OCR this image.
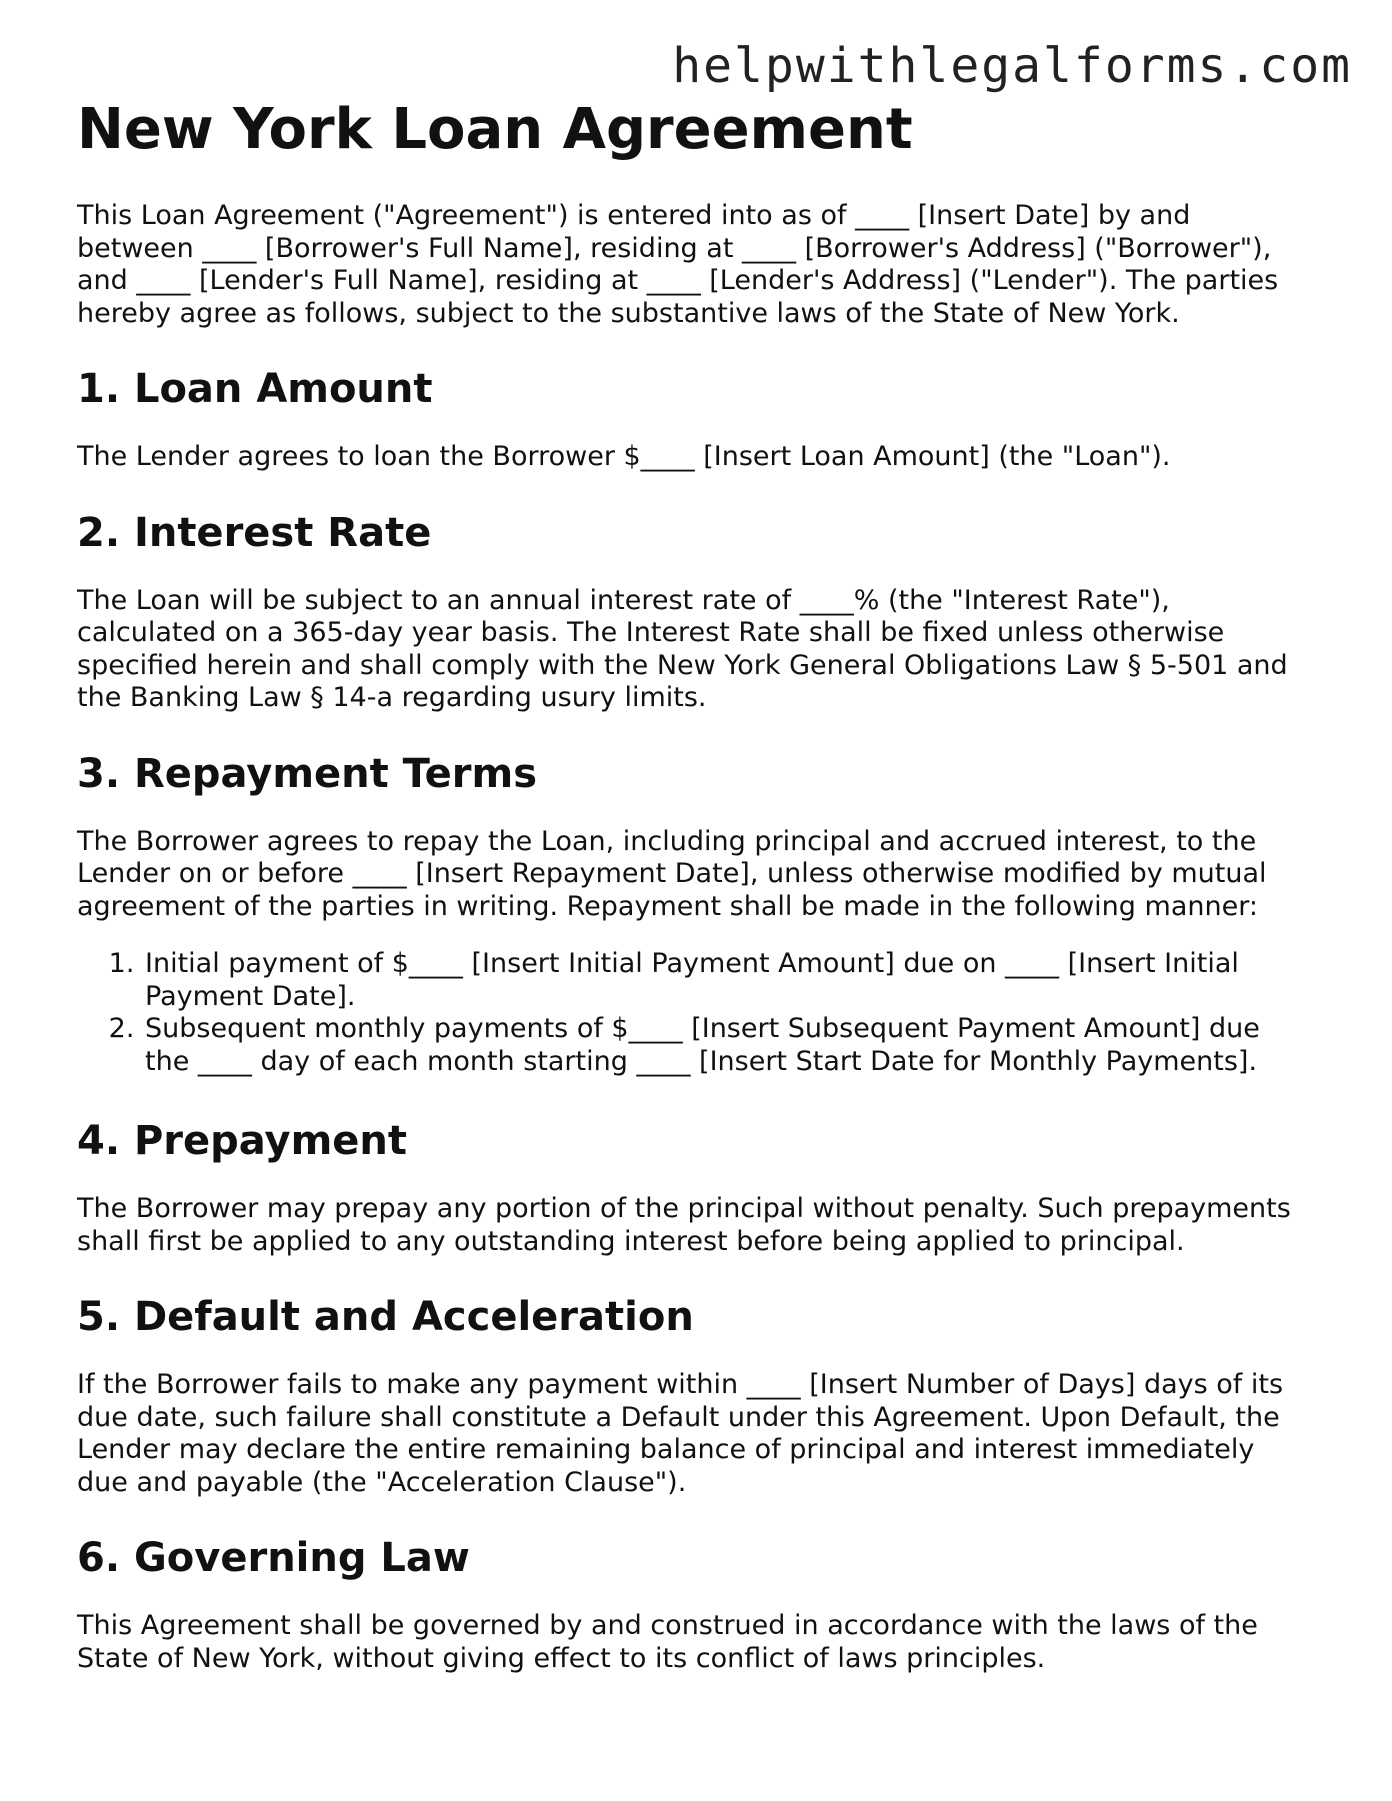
helpwithlegalforms.com
New York Loan Agreement

This Loan Agreement ("Agreement") is entered into as of ____ [Insert Date] by and between ____ [Borrower's Full Name], residing at ____ [Borrower's Address] ("Borrower"), and ____ [Lender's Full Name], residing at ____ [Lender's Address] ("Lender"). The parties hereby agree as follows, subject to the substantive laws of the State of New York.

1. Loan Amount

The Lender agrees to loan the Borrower $____ [Insert Loan Amount] (the "Loan").

2. Interest Rate

The Loan will be subject to an annual interest rate of ____% (the "Interest Rate"), calculated on a 365-day year basis. The Interest Rate shall be fixed unless otherwise specified herein and shall comply with the New York General Obligations Law § 5-501 and the Banking Law § 14-a regarding usury limits.

3. Repayment Terms

The Borrower agrees to repay the Loan, including principal and accrued interest, to the Lender on or before ____ [Insert Repayment Date], unless otherwise modified by mutual agreement of the parties in writing. Repayment shall be made in the following manner:

1. Initial payment of $____ [Insert Initial Payment Amount] due on ____ [Insert Initial Payment Date].
2. Subsequent monthly payments of $____ [Insert Subsequent Payment Amount] due the ____ day of each month starting ____ [Insert Start Date for Monthly Payments].
4. Prepayment

The Borrower may prepay any portion of the principal without penalty. Such prepayments shall first be applied to any outstanding interest before being applied to principal.

5. Default and Acceleration

If the Borrower fails to make any payment within ____ [Insert Number of Days] days of its due date, such failure shall constitute a Default under this Agreement. Upon Default, the Lender may declare the entire remaining balance of principal and interest immediately due and payable (the "Acceleration Clause").

6. Governing Law

This Agreement shall be governed by and construed in accordance with the laws of the State of New York, without giving effect to its conflict of laws principles.
